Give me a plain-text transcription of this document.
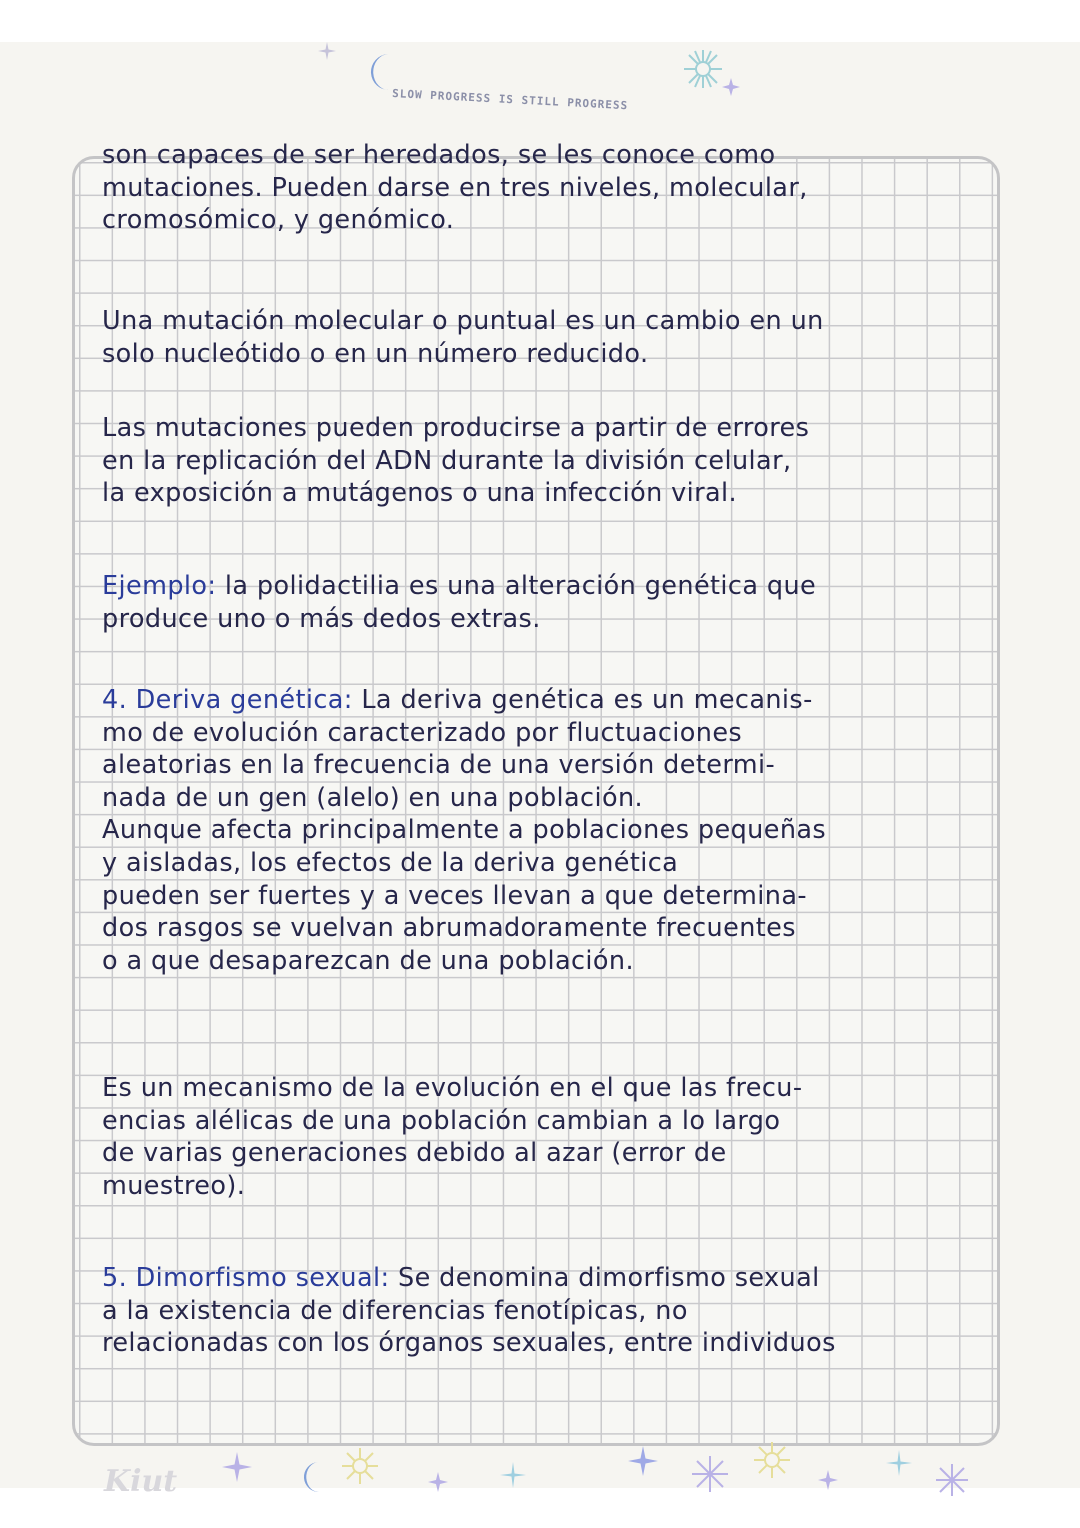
SLOW PROGRESS IS STILL PROGRESS
son capaces de ser heredados, se les conoce como
mutaciones. Pueden darse en tres niveles, molecular,
cromosómico, y genómico.
Una mutación molecular o puntual es un cambio en un
solo nucleótido o en un número reducido.
Las mutaciones pueden producirse a partir de errores
en la replicación del ADN durante la división celular,
la exposición a mutágenos o una infección viral.
Ejemplo: la polidactilia es una alteración genética que
produce uno o más dedos extras.
4. Deriva genética: La deriva genética es un mecanis-
mo de evolución caracterizado por fluctuaciones
aleatorias en la frecuencia de una versión determi-
nada de un gen (alelo) en una población.
Aunque afecta principalmente a poblaciones pequeñas
y aisladas, los efectos de la deriva genética
pueden ser fuertes y a veces llevan a que determina-
dos rasgos se vuelvan abrumadoramente frecuentes
o a que desaparezcan de una población.
Es un mecanismo de la evolución en el que las frecu-
encias alélicas de una población cambian a lo largo
de varias generaciones debido al azar (error de
muestreo).
5. Dimorfismo sexual: Se denomina dimorfismo sexual
a la existencia de diferencias fenotípicas, no
relacionadas con los órganos sexuales, entre individuos
Kiut
